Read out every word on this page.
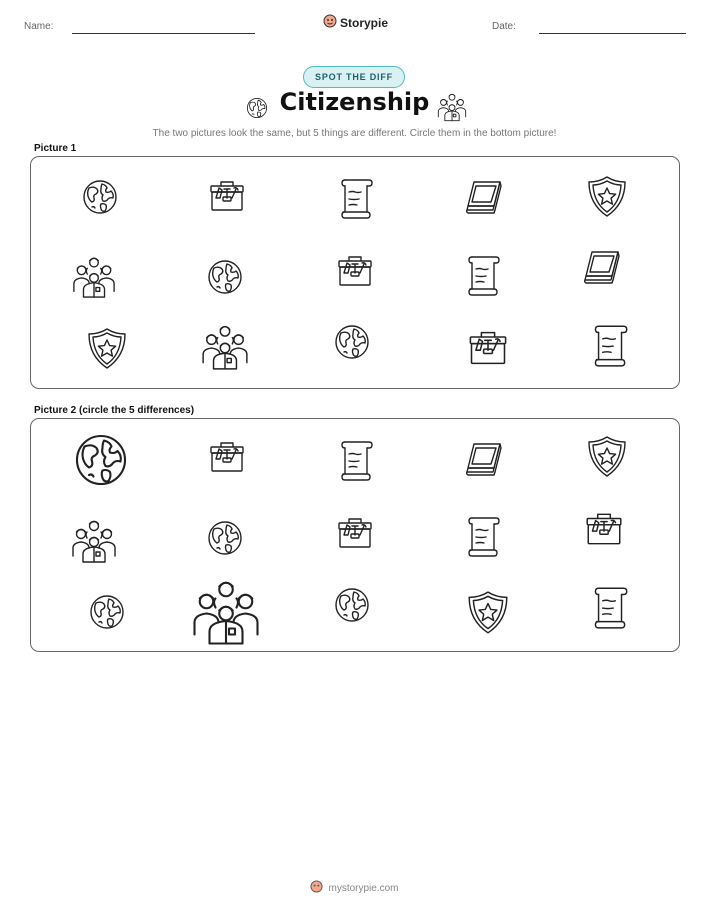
Name:	Storypie	Date:
SPOT THE DIFF
Citizenship
The two pictures look the same, but 5 things are different. Circle them in the bottom picture!
Picture 1
Picture 2 (circle the 5 differences)
mystorypie.com
